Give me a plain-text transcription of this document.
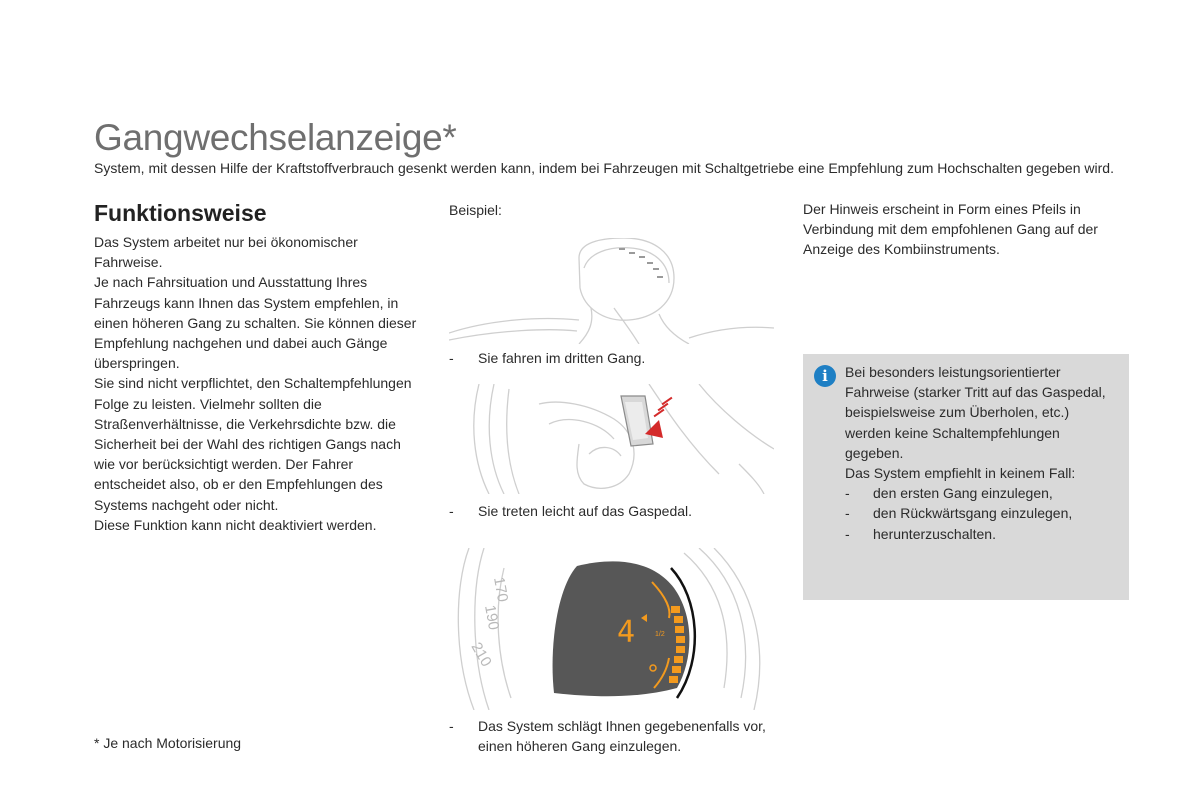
Gangwechselanzeige*

System, mit dessen Hilfe der Kraftstoffverbrauch gesenkt werden kann, indem bei Fahrzeugen mit Schaltgetriebe eine Empfehlung zum Hochschalten gegeben wird.

Funktionsweise

Das System arbeitet nur bei ökonomischer Fahrweise.

Je nach Fahrsituation und Ausstattung Ihres Fahrzeugs kann Ihnen das System empfehlen, in einen höheren Gang zu schalten. Sie können dieser Empfehlung nachgehen und dabei auch Gänge überspringen.

Sie sind nicht verpflichtet, den Schaltempfehlungen Folge zu leisten. Vielmehr sollten die Straßenverhältnisse, die Verkehrsdichte bzw. die Sicherheit bei der Wahl des richtigen Gangs nach wie vor berücksichtigt werden. Der Fahrer entscheidet also, ob er den Empfehlungen des Systems nachgeht oder nicht.

Diese Funktion kann nicht deaktiviert werden.

Beispiel:
-	Sie fahren im dritten Gang.
-	Sie treten leicht auf das Gaspedal.
170
190
210
1/2
4
-	Das System schlägt Ihnen gegebenenfalls vor, einen höheren Gang einzulegen.
Der Hinweis erscheint in Form eines Pfeils in Verbindung mit dem empfohlenen Gang auf der Anzeige des Kombiinstruments.
i	Bei besonders leistungsorientierter Fahrweise (starker Tritt auf das Gaspedal, beispielsweise zum Überholen, etc.) werden keine Schaltempfehlungen gegeben.
Das System empfiehlt in keinem Fall:
-	den ersten Gang einzulegen,
-	den Rückwärtsgang einzulegen,
-	herunterzuschalten.
* Je nach Motorisierung
